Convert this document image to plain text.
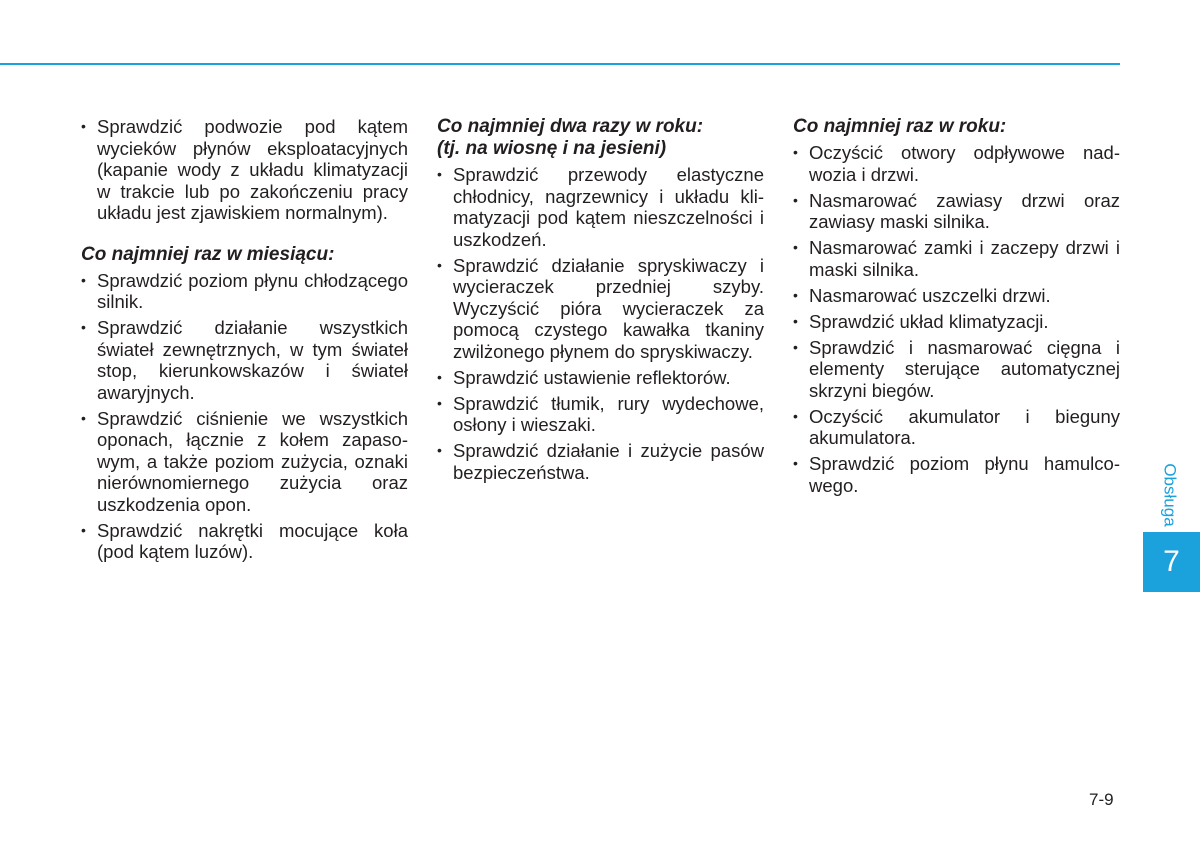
• Sprawdzić podwozie pod kątem wycieków płynów eksploatacyjnych (kapanie wody z układu klimatyzacji w trakcie lub po zakończeniu pracy układu jest zjawiskiem normalnym).
Co najmniej raz w miesiącu:
• Sprawdzić poziom płynu chłodzącego silnik.
• Sprawdzić działanie wszystkich świateł zewnętrznych, w tym świateł stop, kierunkowskazów i świateł awaryjnych.
• Sprawdzić ciśnienie we wszystkich oponach, łącznie z kołem zapasowym, a także poziom zużycia, oznaki nierównomiernego zużycia oraz uszkodzenia opon.
• Sprawdzić nakrętki mocujące koła (pod kątem luzów).
Co najmniej dwa razy w roku:
(tj. na wiosnę i na jesieni)
• Sprawdzić przewody elastyczne chłodnicy, nagrzewnicy i układu klimatyzacji pod kątem nieszczelności i uszkodzeń.
• Sprawdzić działanie spryskiwaczy i wycieraczek przedniej szyby. Wyczyścić pióra wycieraczek za pomocą czystego kawałka tkaniny zwilżonego płynem do spryskiwaczy.
• Sprawdzić ustawienie reflektorów.
• Sprawdzić tłumik, rury wydechowe, osłony i wieszaki.
• Sprawdzić działanie i zużycie pasów bezpieczeństwa.
Co najmniej raz w roku:
• Oczyścić otwory odpływowe nadwozia i drzwi.
• Nasmarować zawiasy drzwi oraz zawiasy maski silnika.
• Nasmarować zamki i zaczepy drzwi i maski silnika.
• Nasmarować uszczelki drzwi.
• Sprawdzić układ klimatyzacji.
• Sprawdzić i nasmarować cięgna i elementy sterujące automatycznej skrzyni biegów.
• Oczyścić akumulator i bieguny akumulatora.
• Sprawdzić poziom płynu hamulcowego.	Obsługa
7
7-9
